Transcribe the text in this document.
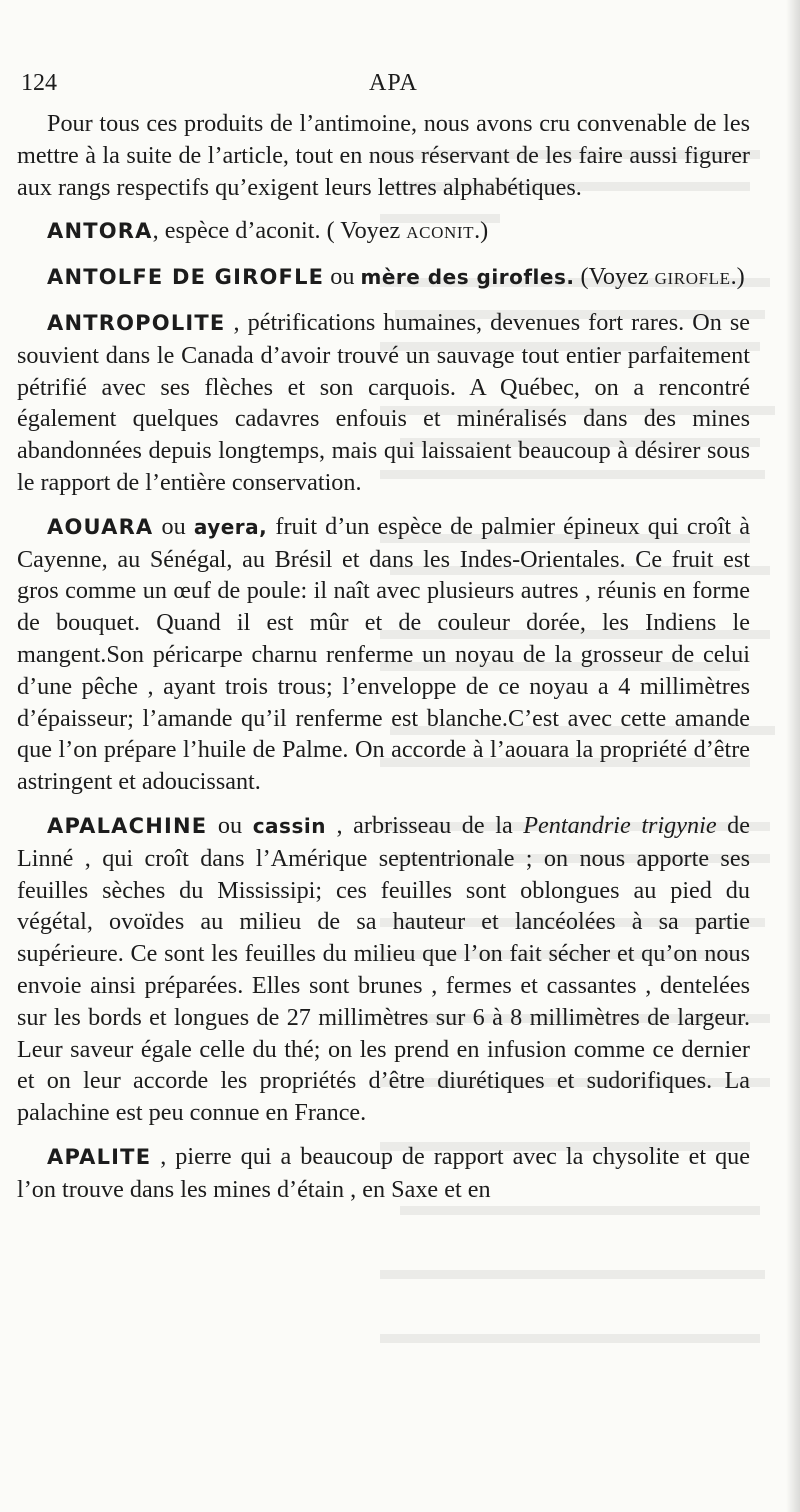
124	APA

Pour tous ces produits de l’antimoine, nous avons cru convenable de les mettre à la suite de l’article, tout en nous réservant de les faire aussi figurer aux rangs respectifs qu’exigent leurs lettres alphabétiques.

ANTORA, espèce d’aconit. ( Voyez ACONIT.)

ANTOLFE DE GIROFLE ou mère des girofles. (Voyez GIROFLE.)

ANTROPOLITE , pétrifications humaines, devenues fort rares. On se souvient dans le Canada d’avoir trouvé un sauvage tout entier parfaitement pétrifié avec ses flèches et son carquois. A Québec, on a rencontré également quelques cadavres enfouis et minéralisés dans des mines abandonnées depuis longtemps, mais qui laissaient beaucoup à désirer sous le rapport de l’entière conservation.

AOUARA ou ayera, fruit d’un espèce de palmier épineux qui croît à Cayenne, au Sénégal, au Brésil et dans les Indes-Orientales. Ce fruit est gros comme un œuf de poule: il naît avec plusieurs autres , réunis en forme de bouquet. Quand il est mûr et de couleur dorée, les Indiens le mangent.Son péricarpe charnu renferme un noyau de la grosseur de celui d’une pêche , ayant trois trous; l’enveloppe de ce noyau a 4 millimètres d’épaisseur; l’amande qu’il renferme est blanche.C’est avec cette amande que l’on prépare l’huile de Palme. On accorde à l’aouara la propriété d’être astringent et adoucissant.

APALACHINE ou cassin , arbrisseau de la Pentandrie trigynie de Linné , qui croît dans l’Amérique septentrionale ; on nous apporte ses feuilles sèches du Mississipi; ces feuilles sont oblongues au pied du végétal, ovoïdes au milieu de sa hauteur et lancéolées à sa partie supérieure. Ce sont les feuilles du milieu que l’on fait sécher et qu’on nous envoie ainsi préparées. Elles sont brunes , fermes et cassantes , dentelées sur les bords et longues de 27 millimètres sur 6 à 8 millimètres de largeur. Leur saveur égale celle du thé; on les prend en infusion comme ce dernier et on leur accorde les propriétés d’être diurétiques et sudorifiques. La palachine est peu connue en France.

APALITE , pierre qui a beaucoup de rapport avec la chysolite et que l’on trouve dans les mines d’étain , en Saxe et en
